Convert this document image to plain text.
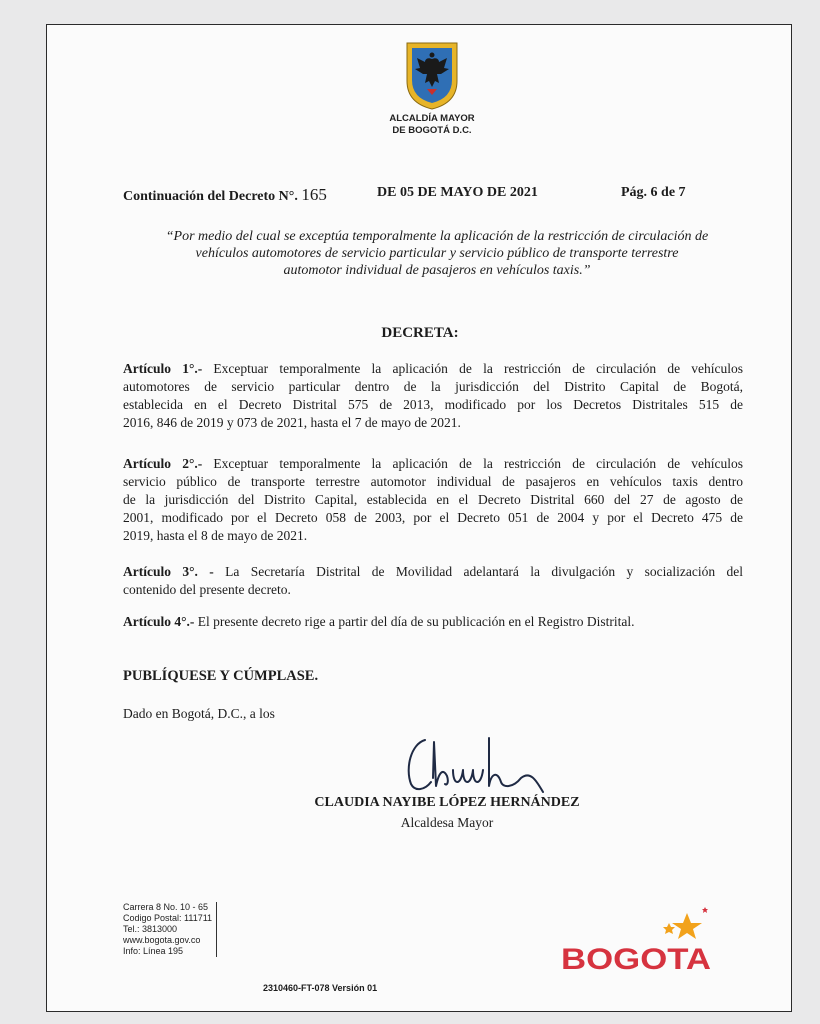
ALCALDÍA MAYOR
DE BOGOTÁ D.C.
Continuación del Decreto N°. 165	DE 05 DE MAYO DE 2021	Pág. 6 de 7
“Por medio del cual se exceptúa temporalmente la aplicación de la restricción de circulación de
vehículos automotores de servicio particular y servicio público de transporte terrestre
automotor individual de pasajeros en vehículos taxis.”
DECRETA:
Artículo 1°.- Exceptuar temporalmente la aplicación de la restricción de circulación de vehículos
automotores de servicio particular dentro de la jurisdicción del Distrito Capital de Bogotá,
establecida en el Decreto Distrital 575 de 2013, modificado por los Decretos Distritales 515 de
2016, 846 de 2019 y 073 de 2021, hasta el 7 de mayo de 2021.
Artículo 2°.- Exceptuar temporalmente la aplicación de la restricción de circulación de vehículos
servicio público de transporte terrestre automotor individual de pasajeros en vehículos taxis dentro
de la jurisdicción del Distrito Capital, establecida en el Decreto Distrital 660 del 27 de agosto de
2001, modificado por el Decreto 058 de 2003, por el Decreto 051 de 2004 y por el Decreto 475 de
2019, hasta el 8 de mayo de 2021.
Artículo 3°. - La Secretaría Distrital de Movilidad adelantará la divulgación y socialización del
contenido del presente decreto.
Artículo 4°.- El presente decreto rige a partir del día de su publicación en el Registro Distrital.
PUBLÍQUESE Y CÚMPLASE.
Dado en Bogotá, D.C., a los
CLAUDIA NAYIBE LÓPEZ HERNÁNDEZ
Alcaldesa Mayor
Carrera 8 No. 10 - 65
Codigo Postal: 111711
Tel.: 3813000
www.bogota.gov.co
Info: Línea 195
2310460-FT-078 Versión 01
BOGOTA
